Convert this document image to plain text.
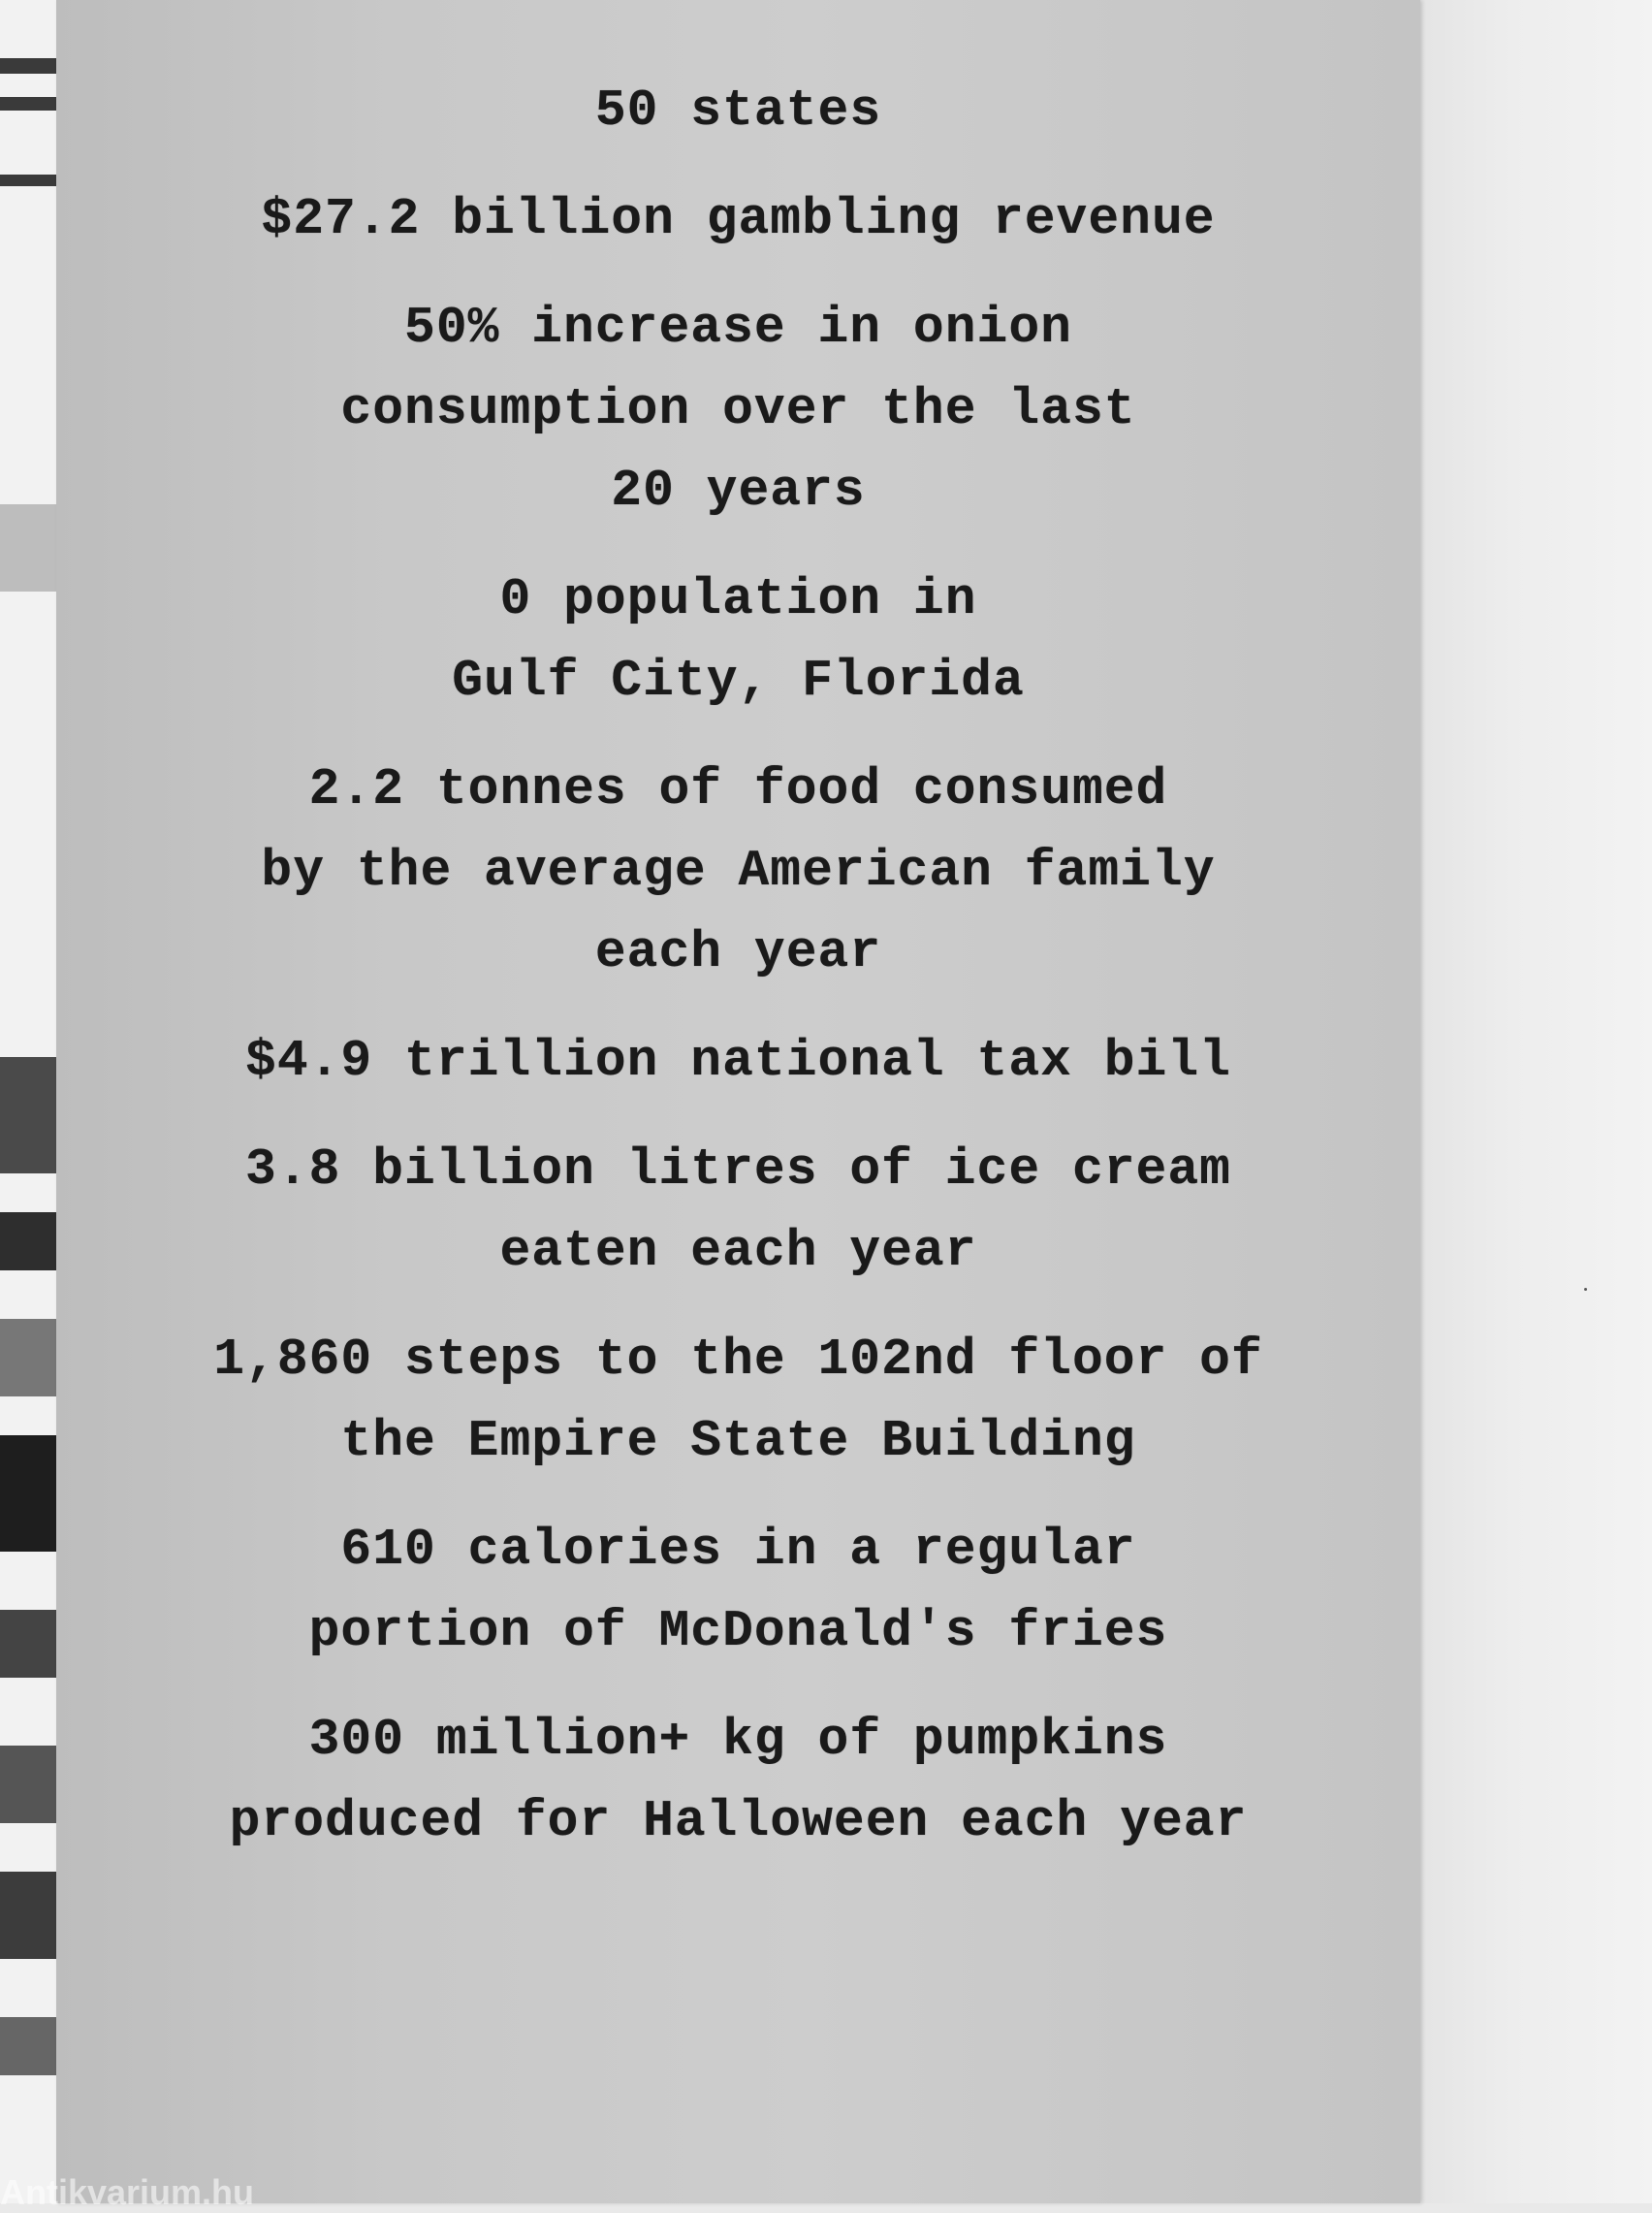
50 states
$27.2 billion gambling revenue
50% increase in onion
consumption over the last
20 years
0 population in
Gulf City, Florida
2.2 tonnes of food consumed
by the average American family
each year
$4.9 trillion national tax bill
3.8 billion litres of ice cream
eaten each year
1,860 steps to the 102nd floor of
the Empire State Building
610 calories in a regular
portion of McDonald's fries
300 million+ kg of pumpkins
produced for Halloween each year
Antikvarium.hu
